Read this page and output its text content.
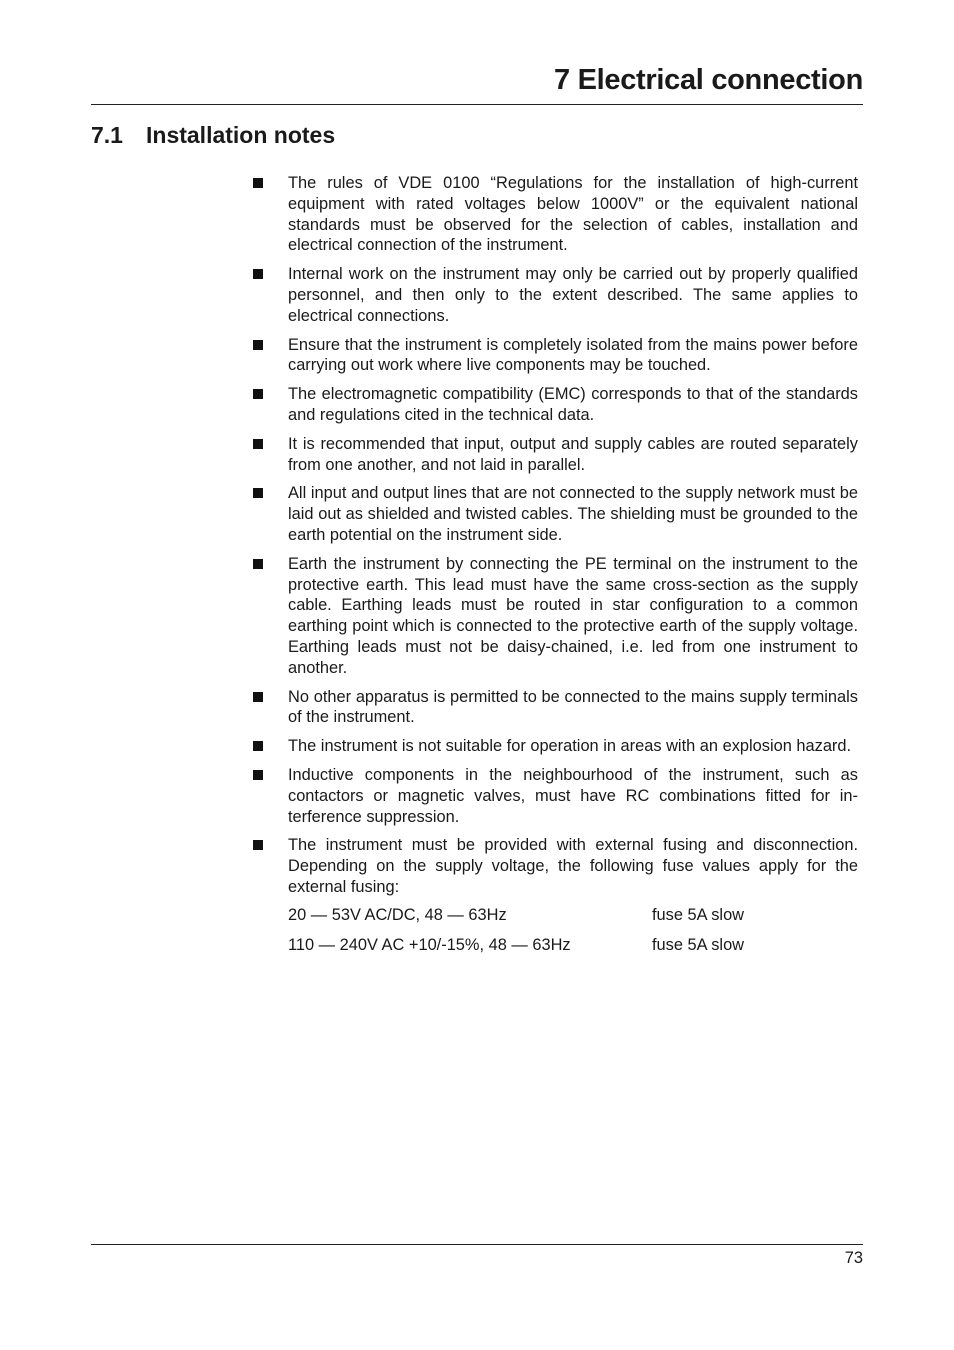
7 Electrical connection
7.1 Installation notes
The rules of VDE 0100 “Regulations for the installation of high-current equipment with rated voltages below 1000V” or the equivalent national standards must be observed for the selection of cables, installation and electrical connection of the instrument.
Internal work on the instrument may only be carried out by properly qualified personnel, and then only to the extent described. The same applies to electrical connections.
Ensure that the instrument is completely isolated from the mains power before carrying out work where live components may be touched.
The electromagnetic compatibility (EMC) corresponds to that of the standards and regulations cited in the technical data.
It is recommended that input, output and supply cables are routed separately from one another, and not laid in parallel.
All input and output lines that are not connected to the supply network must be laid out as shielded and twisted cables. The shielding must be grounded to the earth potential on the instrument side.
Earth the instrument by connecting the PE terminal on the instrument to the protective earth. This lead must have the same cross-section as the supply cable. Earthing leads must be routed in star configuration to a common earthing point which is connected to the protective earth of the supply voltage. Earthing leads must not be daisy-chained, i.e. led from one instrument to another.
No other apparatus is permitted to be connected to the mains supply terminals of the instrument.
The instrument is not suitable for operation in areas with an explosion hazard.
Inductive components in the neighbourhood of the instrument, such as contactors or magnetic valves, must have RC combinations fitted for interference suppression.
The instrument must be provided with external fusing and disconnection. Depending on the supply voltage, the following fuse values apply for the external fusing:
20 — 53V AC/DC, 48 — 63Hz	fuse 5A slow
110 — 240V AC +10/-15%, 48 — 63Hz	fuse 5A slow
73
